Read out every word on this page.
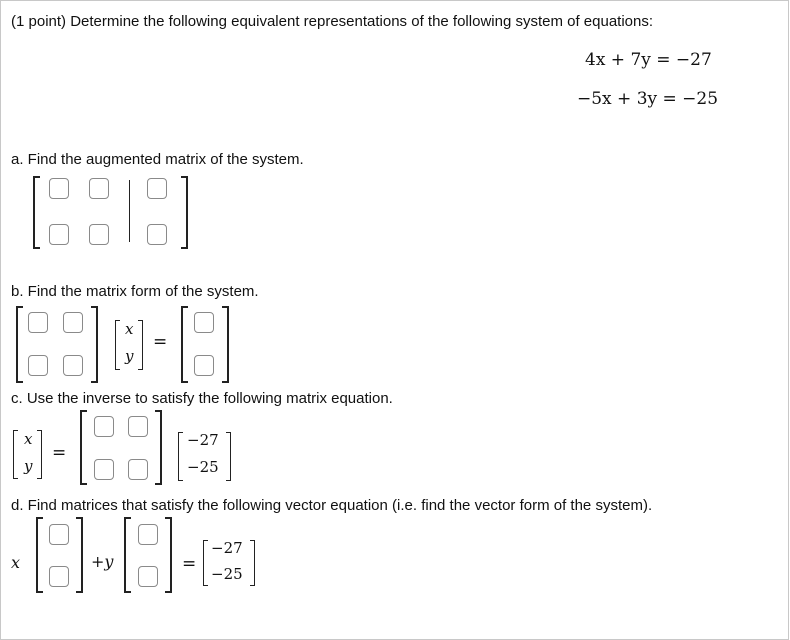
(1 point) Determine the following equivalent representations of the following system of equations:
4x + 7y = −27
−5x + 3y = −25
a. Find the augmented matrix of the system.
b. Find the matrix form of the system.
x
y
=
c. Use the inverse to satisfy the following matrix equation.
x
y
=
−27
−25
d. Find matrices that satisfy the following vector equation (i.e. find the vector form of the system).
x	+y	=
−27
−25
